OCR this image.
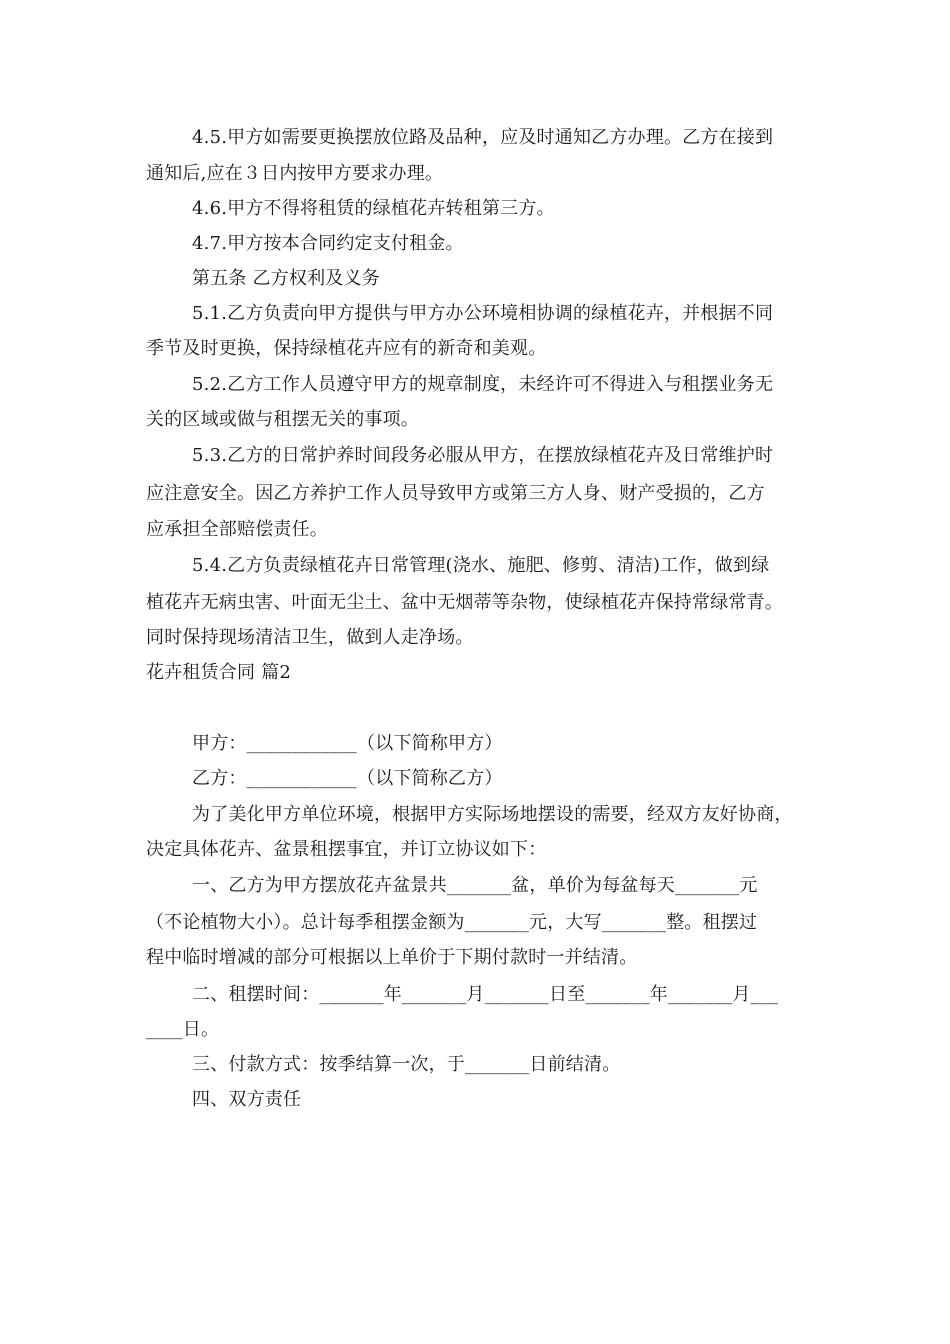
4.5.甲方如需要更换摆放位路及品种，应及时通知乙方办理。乙方在接到
通知后,应在３日内按甲方要求办理。
4.6.甲方不得将租赁的绿植花卉转租第三方。
4.7.甲方按本合同约定支付租金。
第五条 乙方权利及义务
5.1.乙方负责向甲方提供与甲方办公环境相协调的绿植花卉，并根据不同
季节及时更换，保持绿植花卉应有的新奇和美观。
5.2.乙方工作人员遵守甲方的规章制度，未经许可不得进入与租摆业务无
关的区域或做与租摆无关的事项。
5.3.乙方的日常护养时间段务必服从甲方，在摆放绿植花卉及日常维护时
应注意安全。因乙方养护工作人员导致甲方或第三方人身、财产受损的，乙方
应承担全部赔偿责任。
5.4.乙方负责绿植花卉日常管理(浇水、施肥、修剪、清洁)工作，做到绿
植花卉无病虫害、叶面无尘土、盆中无烟蒂等杂物，使绿植花卉保持常绿常青。
同时保持现场清洁卫生，做到人走净场。
花卉租赁合同 篇2
甲方：____________（以下简称甲方）
乙方：____________（以下简称乙方）
为了美化甲方单位环境，根据甲方实际场地摆设的需要，经双方友好协商，
决定具体花卉、盆景租摆事宜，并订立协议如下：
一、乙方为甲方摆放花卉盆景共_______盆，单价为每盆每天_______元
（不论植物大小）。总计每季租摆金额为_______元，大写_______整。租摆过
程中临时增减的部分可根据以上单价于下期付款时一并结清。
二、租摆时间：_______年_______月_______日至_______年_______月___
____日。
三、付款方式：按季结算一次，于_______日前结清。
四、双方责任
